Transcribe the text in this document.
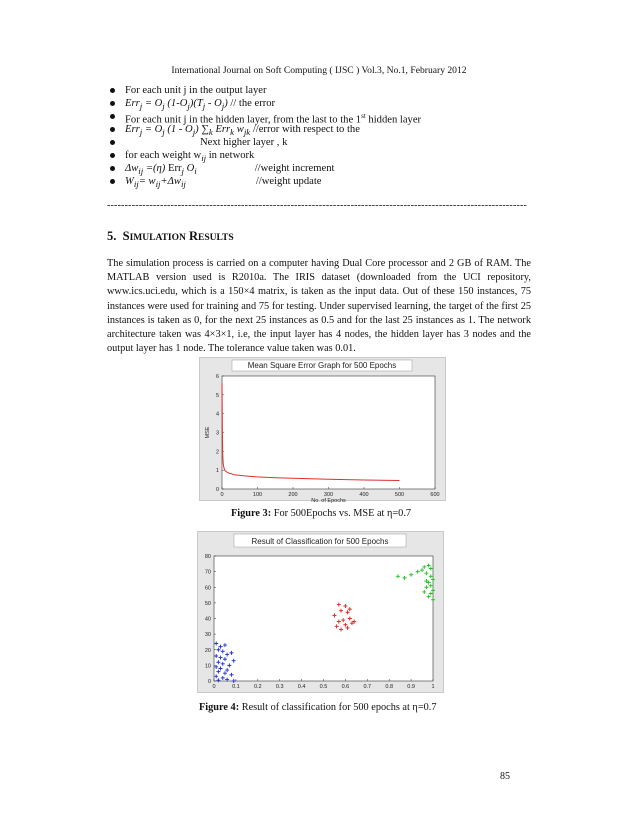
International Journal on Soft Computing ( IJSC ) Vol.3, No.1, February 2012
For each unit j in the output layer
$Err_j = O_j$ $(1-O_j)(T_j - O_j)$ // the error
For each unit j in the hidden layer, from the last to the 1st hidden layer
$Err_j = O_j$ $(1 - O_j)$ $\sum_k$ Err$_k$ $w_{jk}$ //error with respect to the
Next higher layer , k
for each weight $w_{ij}$ in network
$\Delta w_{ij} =(\eta)$ Err$_j$ $O_i$	//weight increment
$W_{ij}= w_{ij}+\Delta w_{ij}$	//weight update
-----------------------------------------------------------------------------------------------------------------------
5. SIMULATION RESULTS
The simulation process is carried on a computer having Dual Core processor and 2 GB of RAM. The MATLAB version used is R2010a. The IRIS dataset (downloaded from the UCI repository, www.ics.uci.edu, which is a 150×4 matrix, is taken as the input data. Out of these 150 instances, 75 instances were used for training and 75 for testing. Under supervised learning, the target of the first 25 instances is taken as 0, for the next 25 instances as 0.5 and for the last 25 instances as 1. The network architecture taken was 4×3×1, i.e, the input layer has 4 nodes, the hidden layer has 3 nodes and the output layer has 1 node. The tolerance value taken was 0.01.
Mean Square Error Graph for 500 Epochs
0	100	200	300	400	500	600
0
1
2
3
4
5
6
No. of Epochs
MSE
Figure 3: For 500Epochs vs. MSE at η=0.7
Result of Classification for 500 Epochs
0	0.1	0.2	0.3	0.4	0.5	0.6	0.7	0.8	0.9	1
0
10
20
30
40
50
60
70
80
Figure 4: Result of classification for 500 epochs at η=0.7
85
